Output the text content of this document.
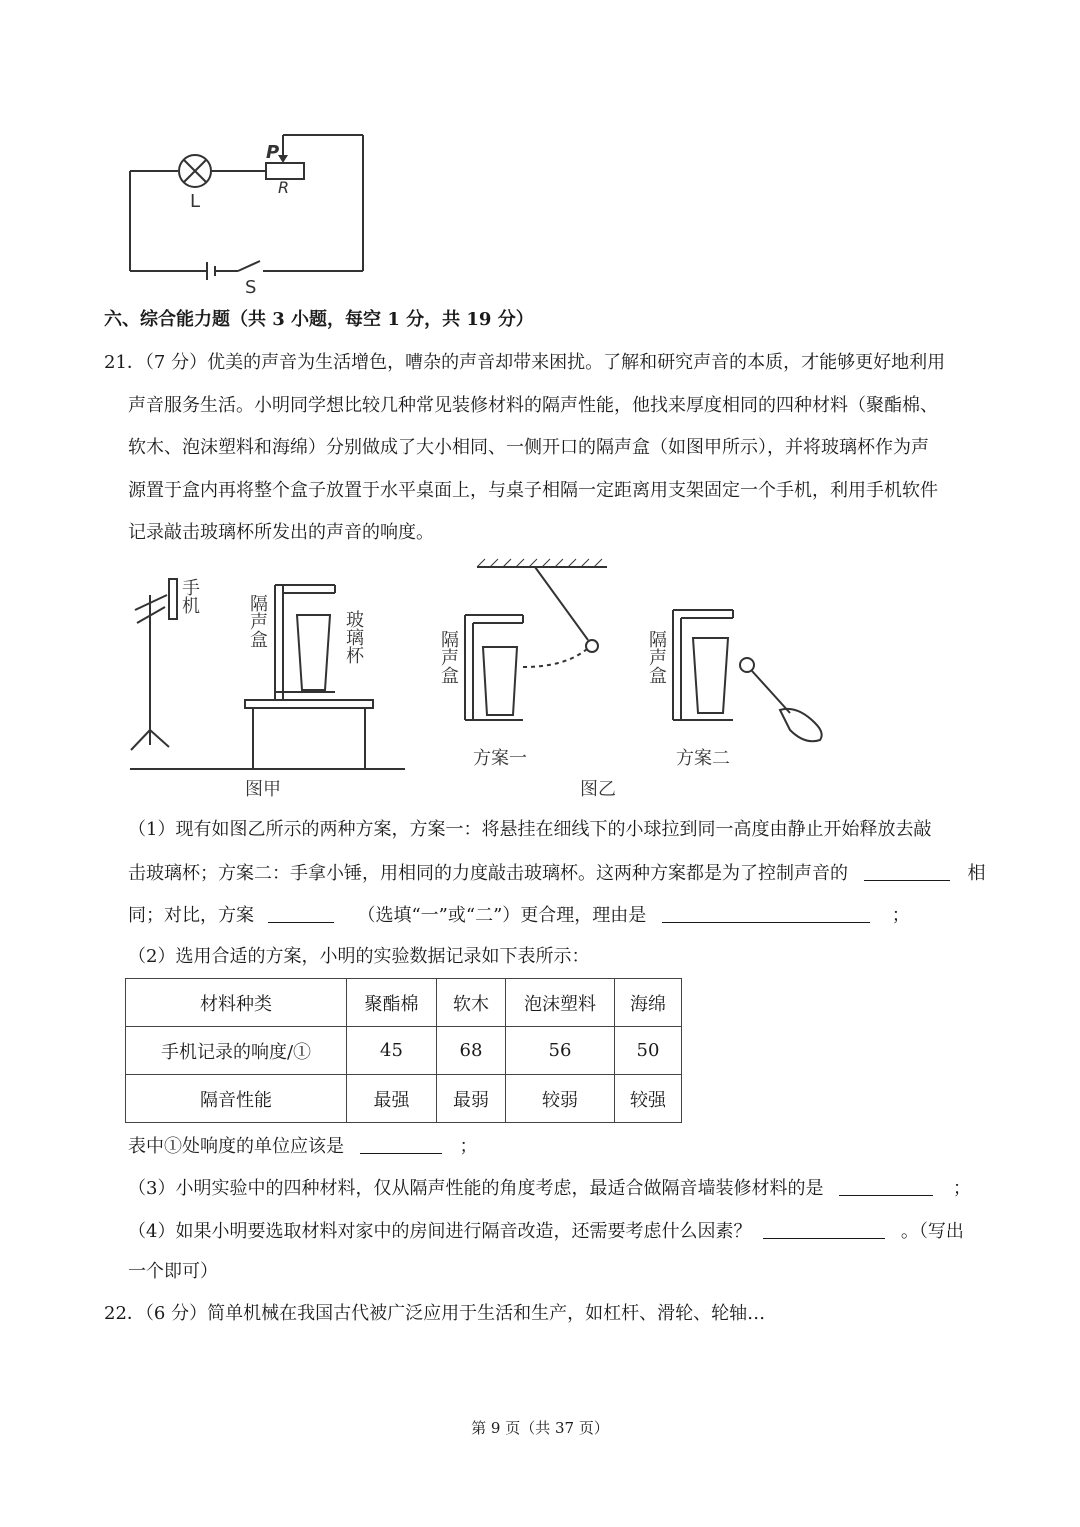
L
P
R
S
六、综合能力题（共 3 小题，每空 1 分，共 19 分）
21．（7 分）优美的声音为生活增色，嘈杂的声音却带来困扰。了解和研究声音的本质，才能够更好地利用
声音服务生活。小明同学想比较几种常见装修材料的隔声性能，他找来厚度相同的四种材料（聚酯棉、
软木、泡沫塑料和海绵）分别做成了大小相同、一侧开口的隔声盒（如图甲所示），并将玻璃杯作为声
源置于盒内再将整个盒子放置于水平桌面上，与桌子相隔一定距离用支架固定一个手机，利用手机软件
记录敲击玻璃杯所发出的声音的响度。
图甲	图乙
方案一	方案二
手机	隔声盒	玻璃杯	隔声盒	隔声盒
（1）现有如图乙所示的两种方案，方案一：将悬挂在细线下的小球拉到同一高度由静止开始释放去敲
击玻璃杯；方案二：手拿小锤，用相同的力度敲击玻璃杯。这两种方案都是为了控制声音的	相
同；对比，方案	（选填“一”或“二”）更合理，理由是	；
（2）选用合适的方案，小明的实验数据记录如下表所示：
材料种类	聚酯棉	软木	泡沫塑料	海绵
手机记录的响度/①	45	68	56	50
隔音性能	最强	最弱	较弱	较强
表中①处响度的单位应该是	；
（3）小明实验中的四种材料，仅从隔声性能的角度考虑，最适合做隔音墙装修材料的是	；
（4）如果小明要选取材料对家中的房间进行隔音改造，还需要考虑什么因素？	。（写出
一个即可）
22．（6 分）简单机械在我国古代被广泛应用于生活和生产，如杠杆、滑轮、轮轴…
第 9 页（共 37 页）
